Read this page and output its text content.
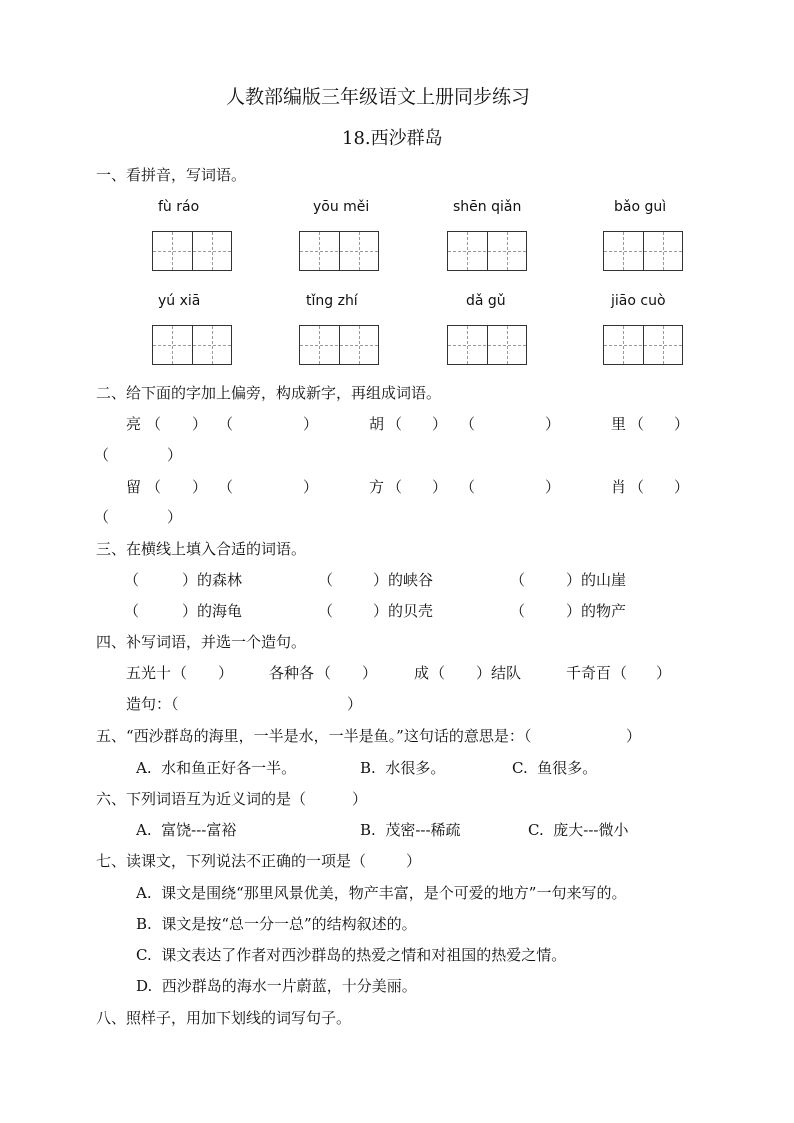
人教部编版三年级语文上册同步练习
18.西沙群岛
一、看拼音，写词语。
fù ráo	yōu měi	shēn qiǎn	bǎo guì
yú xiā	tǐng zhí	dǎ gǔ	jiāo cuò
二、给下面的字加上偏旁，构成新字，再组成词语。
亮 （ ） （	）	胡 （ ） （	）	里 （ ）
（	）
留 （ ） （	）	方 （ ） （	）	肖 （ ）
（	）
三、在横线上填入合适的词语。
（	）的森林	（	）的峡谷	（	）的山崖
（	）的海龟	（	）的贝壳	（	）的物产
四、补写词语，并选一个造句。
五光十 （ ） 各种各 （ ） 成 （ ）结队	千奇百 （ ）
造句：（	）
五、“西沙群岛的海里，一半是水，一半是鱼。”这句话的意思是：（	）
A.  水和鱼正好各一半。	B.  水很多。	C.  鱼很多。
六、下列词语互为近义词的是（	）
A.  富饶---富裕	B.  茂密---稀疏	C.  庞大---微小
七、读课文，下列说法不正确的一项是（	）
A.  课文是围绕“那里风景优美，物产丰富，是个可爱的地方”一句来写的。
B.  课文是按“总一分一总”的结构叙述的。
C.  课文表达了作者对西沙群岛的热爱之情和对祖国的热爱之情。
D.  西沙群岛的海水一片蔚蓝，十分美丽。
八、照样子，用加下划线的词写句子。
